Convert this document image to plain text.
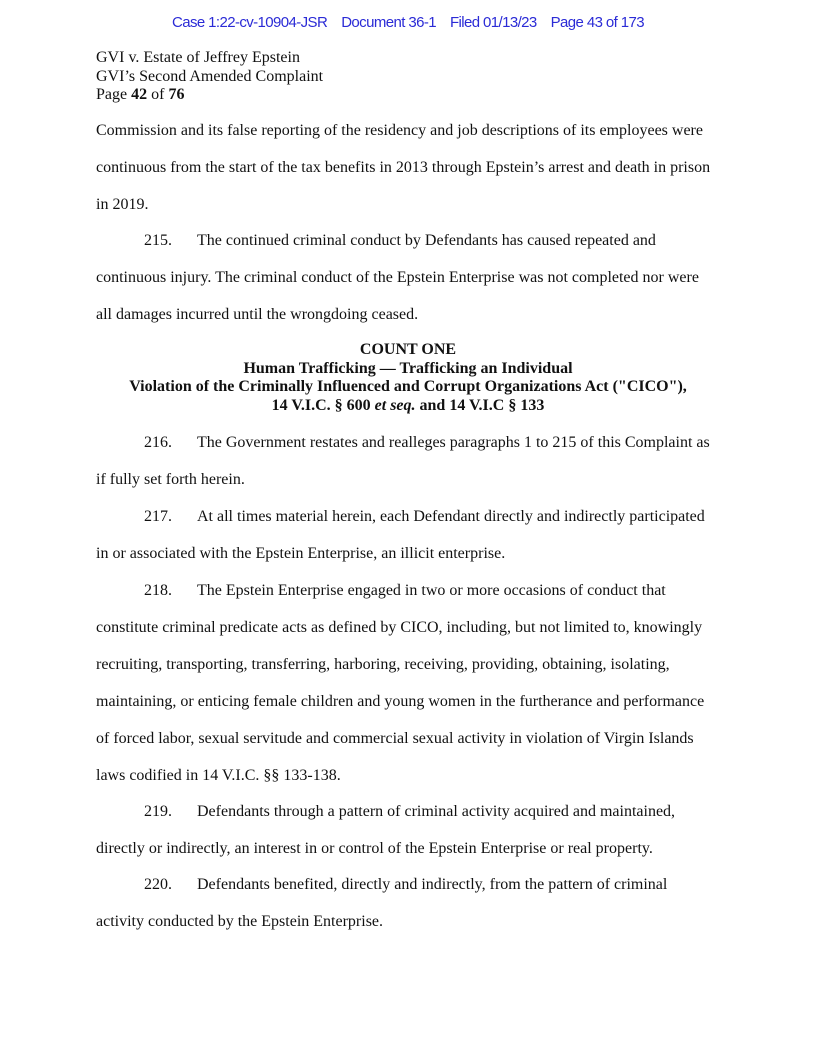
Case 1:22-cv-10904-JSR Document 36-1 Filed 01/13/23 Page 43 of 173
GVI v. Estate of Jeffrey Epstein
GVI’s Second Amended Complaint
Page 42 of 76
Commission and its false reporting of the residency and job descriptions of its employees were
continuous from the start of the tax benefits in 2013 through Epstein’s arrest and death in prison
in 2019.
215. The continued criminal conduct by Defendants has caused repeated and
continuous injury. The criminal conduct of the Epstein Enterprise was not completed nor were
all damages incurred until the wrongdoing ceased.
COUNT ONE
Human Trafficking — Trafficking an Individual
Violation of the Criminally Influenced and Corrupt Organizations Act ("CICO"),
14 V.I.C. § 600 et seq. and 14 V.I.C § 133
216. The Government restates and realleges paragraphs 1 to 215 of this Complaint as
if fully set forth herein.
217. At all times material herein, each Defendant directly and indirectly participated
in or associated with the Epstein Enterprise, an illicit enterprise.
218. The Epstein Enterprise engaged in two or more occasions of conduct that
constitute criminal predicate acts as defined by CICO, including, but not limited to, knowingly
recruiting, transporting, transferring, harboring, receiving, providing, obtaining, isolating,
maintaining, or enticing female children and young women in the furtherance and performance
of forced labor, sexual servitude and commercial sexual activity in violation of Virgin Islands
laws codified in 14 V.I.C. §§ 133-138.
219. Defendants through a pattern of criminal activity acquired and maintained,
directly or indirectly, an interest in or control of the Epstein Enterprise or real property.
220. Defendants benefited, directly and indirectly, from the pattern of criminal
activity conducted by the Epstein Enterprise.
